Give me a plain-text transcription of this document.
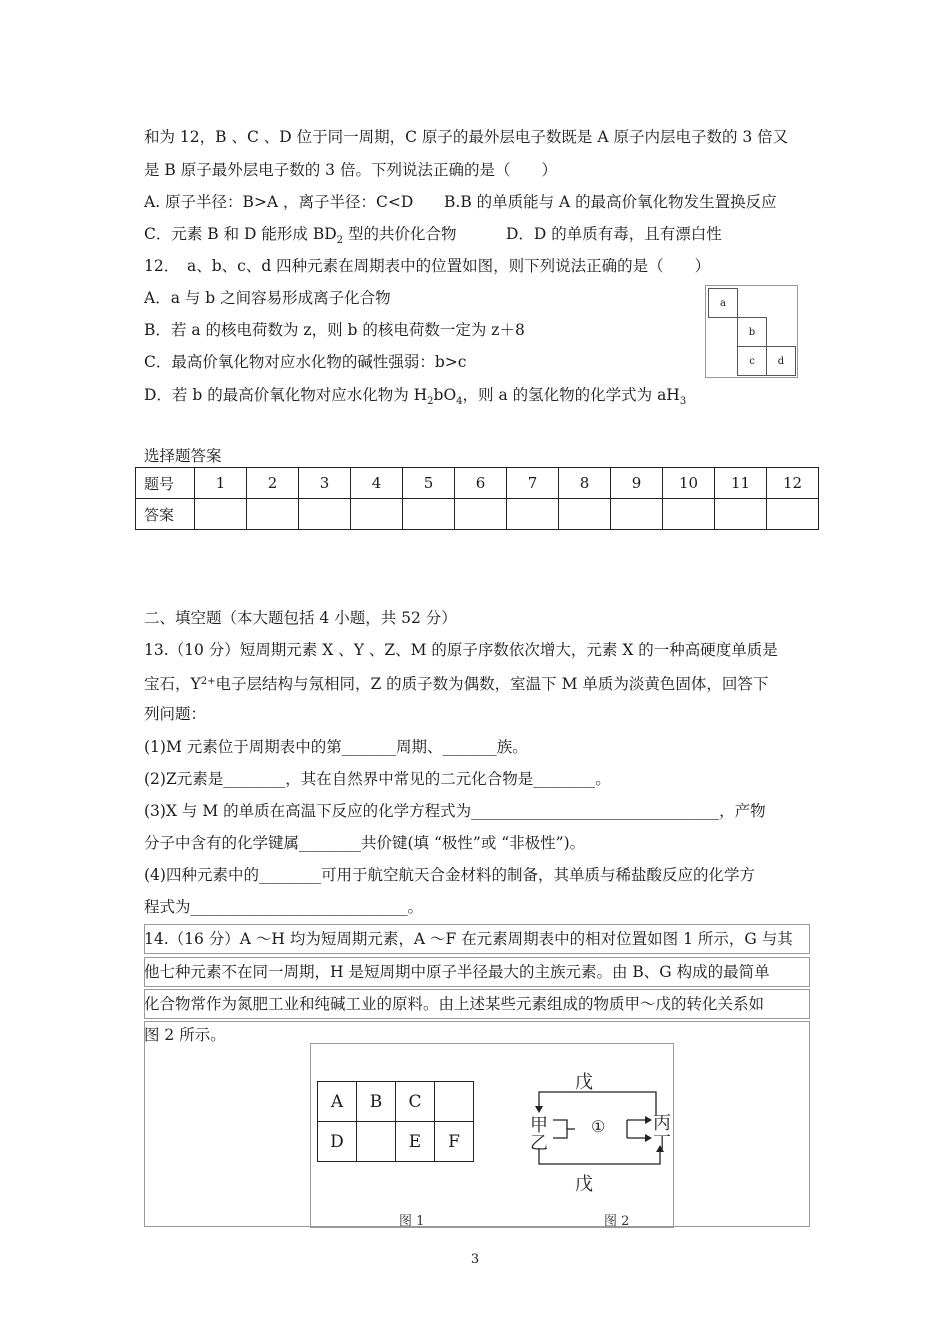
和为 12，B 、C 、D 位于同一周期，C 原子的最外层电子数既是 A 原子内层电子数的 3 倍又
是 B 原子最外层电子数的 3 倍。下列说法正确的是（　　）
A. 原子半径：B>A ，离子半径：C<D B.B 的单质能与 A 的最高价氧化物发生置换反应
C．元素 B 和 D 能形成 $BD_2$ 型的共价化合物	D．D 的单质有毒，且有漂白性
12．　a、b、c、d 四种元素在周期表中的位置如图，则下列说法正确的是（　　）
A．a 与 b 之间容易形成离子化合物
B．若 a 的核电荷数为 z，则 b 的核电荷数一定为 z＋8
C．最高价氧化物对应水化物的碱性强弱：b>c
D．若 b 的最高价氧化物对应水化物为 $H_2bO_4$，则 a 的氢化物的化学式为 $aH_3$
a
b
c	d
选择题答案
题号	1	2	3	4	5	6	7	8	9	10	11	12
答案												
二、填空题（本大题包括 4 小题，共 52 分）
13.（10 分）短周期元素 X 、Y 、Z、M 的原子序数依次增大，元素 X 的一种高硬度单质是
宝石，$Y^{2+}$电子层结构与氖相同，Z 的质子数为偶数，室温下 M 单质为淡黄色固体，回答下
列问题：
(1)M 元素位于周期表中的第_______周期、_______族。
(2)Z元素是________，其在自然界中常见的二元化合物是________。
(3)X 与 M 的单质在高温下反应的化学方程式为________________________________，产物
分子中含有的化学键属________共价键(填 “极性”或 “非极性”)。
(4)四种元素中的________可用于航空航天合金材料的制备，其单质与稀盐酸反应的化学方
程式为____________________________。
14.（16 分）A ～H 均为短周期元素，A ～F 在元素周期表中的相对位置如图 1 所示，G 与其
他七种元素不在同一周期，H 是短周期中原子半径最大的主族元素。由 B、G 构成的最简单
化合物常作为氮肥工业和纯碱工业的原料。由上述某些元素组成的物质甲～戊的转化关系如
图 2 所示。
A	B	C	
D		E	F
图 1
戊
戊
甲
乙
丙
丁
①
图 2
3
